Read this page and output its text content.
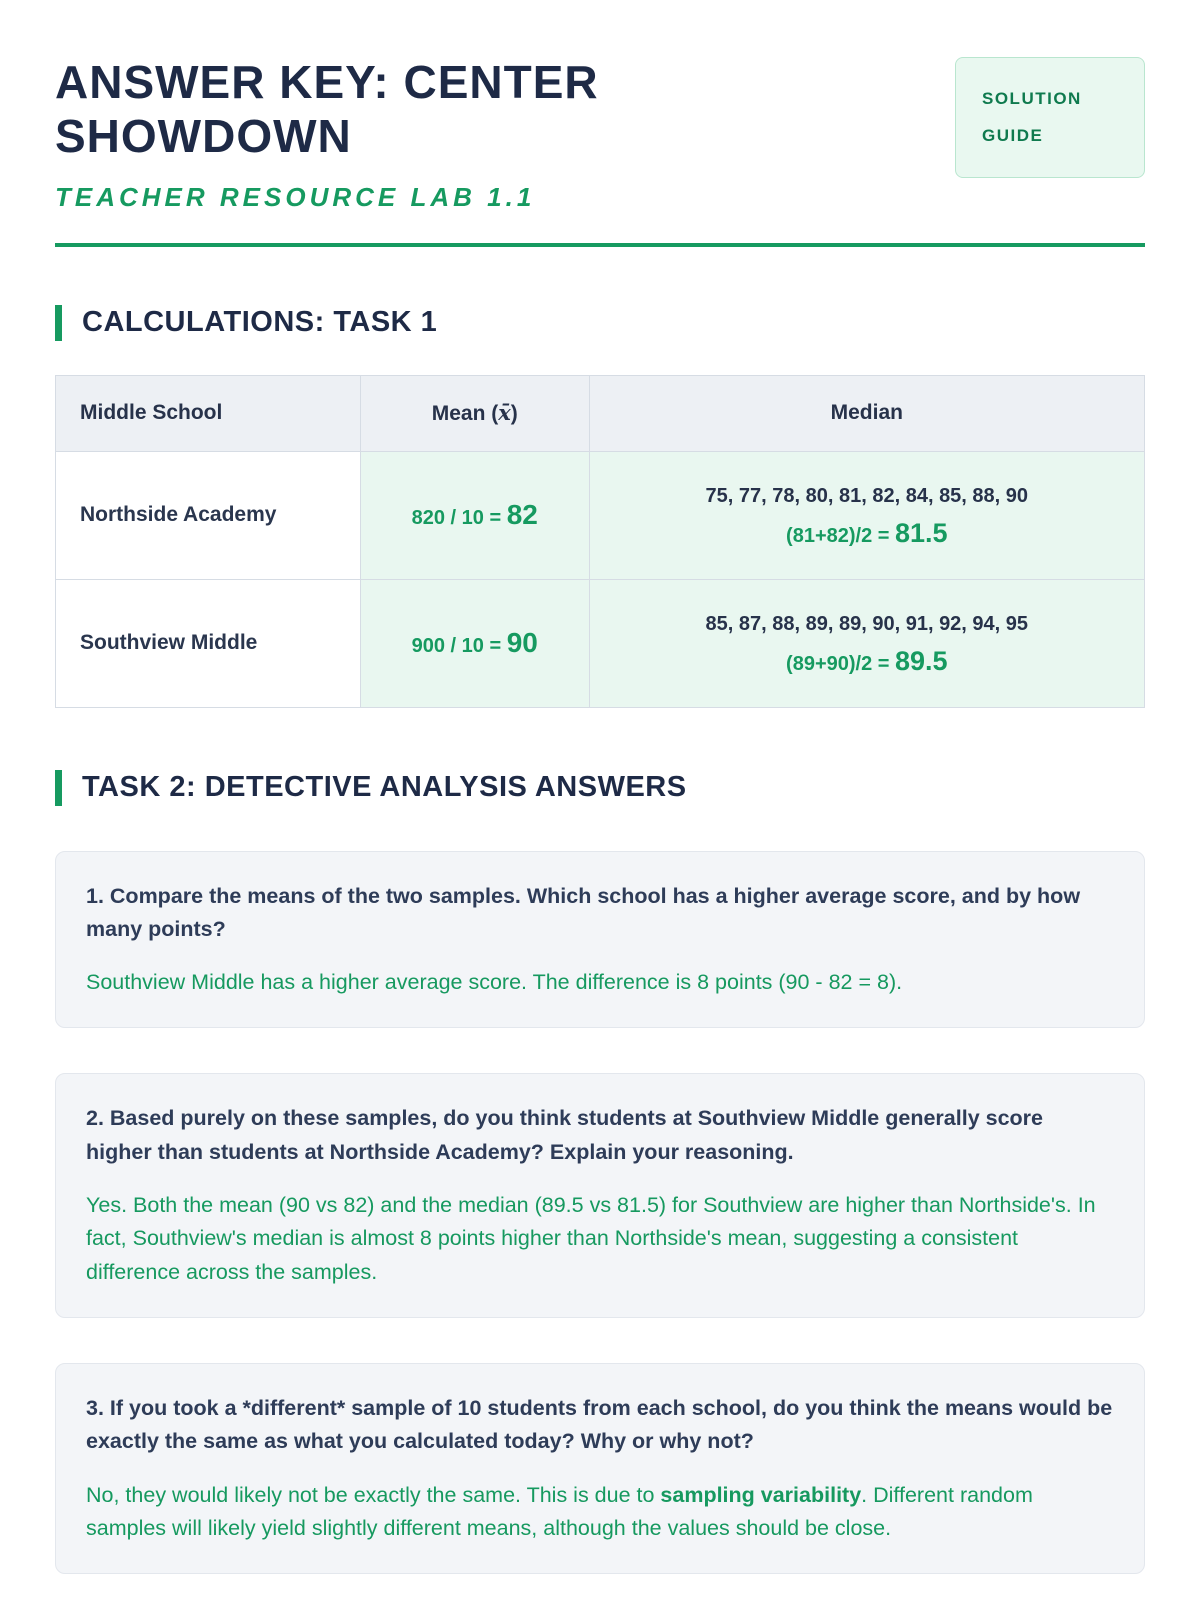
ANSWER KEY: CENTER SHOWDOWN
TEACHER RESOURCE LAB 1.1
SOLUTION
GUIDE
CALCULATIONS: TASK 1
Middle School	Mean (x̄)	Median
Northside Academy	820 / 10 = 82	75, 77, 78, 80, 81, 82, 84, 85, 88, 90
(81+82)/2 = 81.5

Southview Middle	900 / 10 = 90	85, 87, 88, 89, 89, 90, 91, 92, 94, 95
(89+90)/2 = 89.5
TASK 2: DETECTIVE ANALYSIS ANSWERS

1. Compare the means of the two samples. Which school has a higher average score, and by how many points?

Southview Middle has a higher average score. The difference is 8 points (90 - 82 = 8).

2. Based purely on these samples, do you think students at Southview Middle generally score higher than students at Northside Academy? Explain your reasoning.

Yes. Both the mean (90 vs 82) and the median (89.5 vs 81.5) for Southview are higher than Northside's. In fact, Southview's median is almost 8 points higher than Northside's mean, suggesting a consistent difference across the samples.

3. If you took a *different* sample of 10 students from each school, do you think the means would be exactly the same as what you calculated today? Why or why not?

No, they would likely not be exactly the same. This is due to sampling variability. Different random samples will likely yield slightly different means, although the values should be close.
